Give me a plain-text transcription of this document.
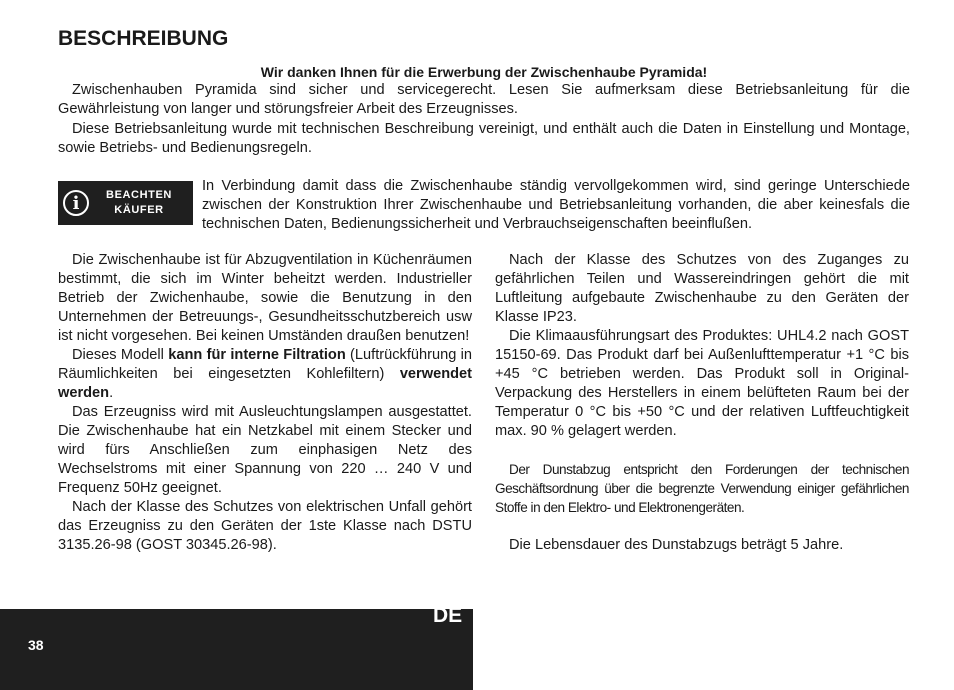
BESCHREIBUNG

Wir danken Ihnen für die Erwerbung der Zwischenhaube Pyramida!

Zwischenhauben Pyramida sind sicher und servicegerecht. Lesen Sie aufmerksam diese Betriebsanleitung für die Gewährleistung von langer und störungsfreier Arbeit des Erzeugnisses.

Diese Betriebsanleitung wurde mit technischen Beschreibung vereinigt, und enthält auch die Daten in Einstellung und Montage, sowie Betriebs- und Bedienungsregeln.

i	BEACHTEN
KÄUFER

In Verbindung damit dass die Zwischenhaube ständig vervollgekommen wird, sind geringe Unterschiede zwischen der Konstruktion Ihrer Zwischenhaube und Betriebsanleitung vorhanden, die aber keinesfals die technischen Daten, Bedienungssicherheit und Verbrauchseigenschaften beeinflußen.

Die Zwischenhaube ist für Abzugventilation in Küchenräumen bestimmt, die sich im Winter beheitzt werden. Industrieller Betrieb der Zwichenhaube, sowie die Benutzung in den Unternehmen der Betreuungs-, Gesundheitsschutzbereich usw ist nicht vorgesehen. Bei keinen Umständen draußen benutzen!

Dieses Modell kann für interne Filtration (Luftrückführung in Räumlichkeiten bei eingesetzten Kohlefiltern) verwendet werden.

Das Erzeugniss wird mit Ausleuchtungslampen ausgestattet. Die Zwischenhaube hat ein Netzkabel mit einem Stecker und wird fürs Anschließen zum einphasigen Netz des Wechselstroms mit einer Spannung von 220 … 240 V und Frequenz 50Hz geeignet.

Nach der Klasse des Schutzes von elektrischen Unfall gehört das Erzeugniss zu den Geräten der 1ste Klasse nach DSTU 3135.26-98 (GOST 30345.26-98).

Nach der Klasse des Schutzes von des Zuganges zu gefährlichen Teilen und Wassereindringen gehört die mit Luftleitung aufgebaute Zwischenhaube zu den Geräten der Klasse IP23.

Die Klimaausführungsart des Produktes: UHL4.2 nach GOST 15150-69. Das Produkt darf bei Außenlufttemperatur +1 °C bis +45 °C betrieben werden. Das Produkt soll in Original-Verpackung des Herstellers in einem belüfteten Raum bei der Temperatur 0 °C bis +50 °C und der relativen Luftfeuchtigkeit max. 90 % gelagert werden.

Der Dunstabzug entspricht den Forderungen der technischen Geschäftsordnung über die begrenzte Verwendung einiger gefährlichen Stoffe in den Elektro- und Elektronengeräten.

Die Lebensdauer des Dunstabzugs beträgt 5 Jahre.

38
DE
